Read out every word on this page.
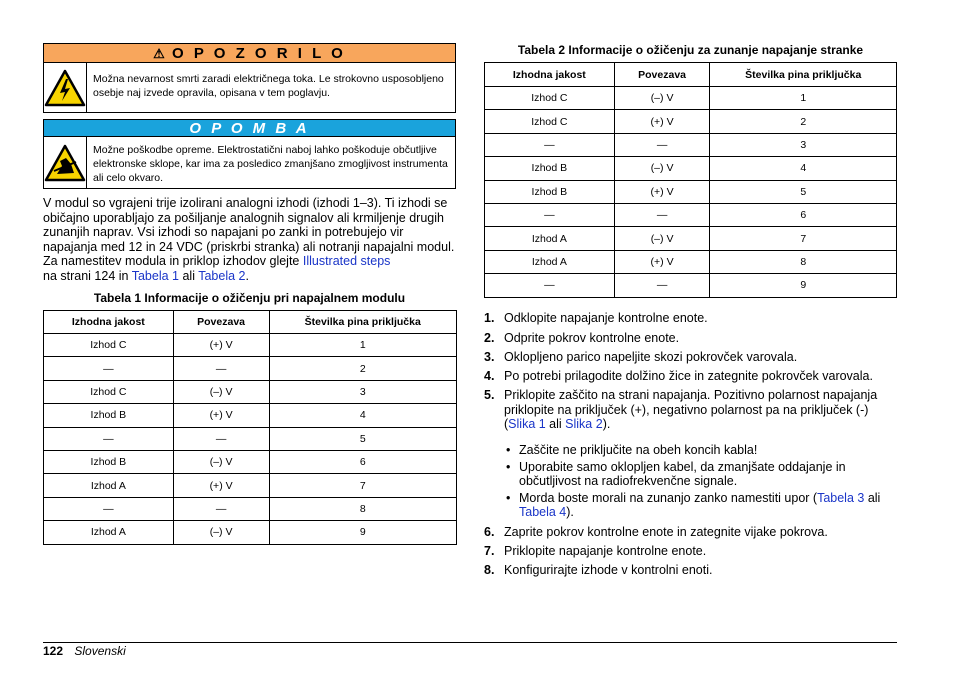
⚠ O P O Z O R I L O
Možna nevarnost smrti zaradi električnega toka. Le strokovno usposobljeno osebje naj izvede opravila, opisana v tem poglavju.
O P O M B A
Možne poškodbe opreme. Elektrostatični naboj lahko poškoduje občutljive elektronske sklope, kar ima za posledico zmanjšano zmogljivost instrumenta ali celo okvaro.
V modul so vgrajeni trije izolirani analogni izhodi (izhodi 1–3). Ti izhodi se običajno uporabljajo za pošiljanje analognih signalov ali krmiljenje drugih zunanjih naprav. Vsi izhodi so napajani po zanki in potrebujejo vir napajanja med 12 in 24 VDC (priskrbi stranka) ali notranji napajalni modul. Za namestitev modula in priklop izhodov glejte Illustrated steps
na strani 124 in Tabela 1 ali Tabela 2.
Tabela 1 Informacije o ožičenju pri napajalnem modulu
Izhodna jakost	Povezava	Številka pina priključka
Izhod C	(+) V	1
—	—	2
Izhod C	(–) V	3
Izhod B	(+) V	4
—	—	5
Izhod B	(–) V	6
Izhod A	(+) V	7
—	—	8
Izhod A	(–) V	9
Tabela 2 Informacije o ožičenju za zunanje napajanje stranke
Izhodna jakost	Povezava	Številka pina priključka
Izhod C	(–) V	1
Izhod C	(+) V	2
—	—	3
Izhod B	(–) V	4
Izhod B	(+) V	5
—	—	6
Izhod A	(–) V	7
Izhod A	(+) V	8
—	—	9
1. Odklopite napajanje kontrolne enote.
2. Odprite pokrov kontrolne enote.
3. Oklopljeno parico napeljite skozi pokrovček varovala.
4. Po potrebi prilagodite dolžino žice in zategnite pokrovček varovala.
5. Priklopite zaščito na strani napajanja. Pozitivno polarnost napajanja priklopite na priključek (+), negativno polarnost pa na priključek (-) (Slika 1 ali Slika 2).
• Zaščite ne priključite na obeh koncih kabla!
• Uporabite samo oklopljen kabel, da zmanjšate oddajanje in občutljivost na radiofrekvenčne signale.
• Morda boste morali na zunanjo zanko namestiti upor (Tabela 3 ali Tabela 4).
6. Zaprite pokrov kontrolne enote in zategnite vijake pokrova.
7. Priklopite napajanje kontrolne enote.
8. Konfigurirajte izhode v kontrolni enoti.
122 Slovenski
